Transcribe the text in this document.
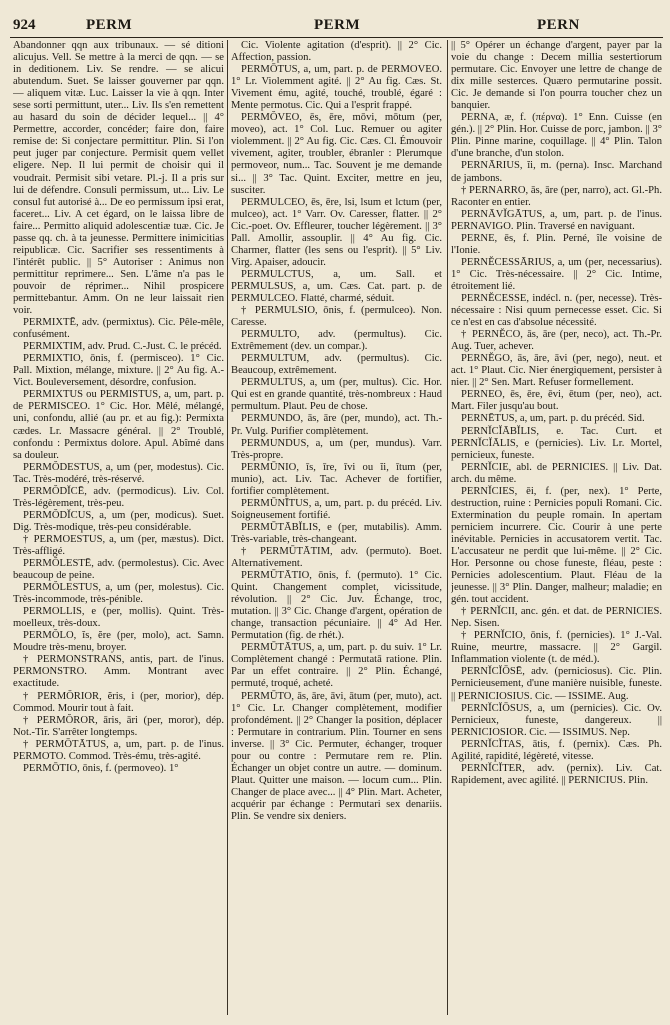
924	PERM	PERM	PERN

Abandonner qqn aux tribunaux. — sé ditioni alicujus. Vell. Se mettre à la merci de qqn. — se in deditionem. Liv. Se rendre. — se alicui abutendum. Suet. Se laisser gouverner par qqn. — aliquem vitæ. Luc. Laisser la vie à qqn. Inter sese sorti permittunt, uter... Liv. Ils s'en remettent au hasard du soin de décider lequel... || 4° Permettre, accorder, concéder; faire don, faire remise de: Si conjectare permittitur. Plin. Si l'on peut juger par conjecture. Permisit quem vellet eligere. Nep. Il lui permit de choisir qui il voudrait. Permisit sibi vetare. Pl.-j. Il a pris sur lui de défendre. Consuli permissum, ut... Liv. Le consul fut autorisé à... De eo permissum ipsi erat, faceret... Liv. A cet égard, on le laissa libre de faire... Permitto aliquid adolescentiæ tuæ. Cic. Je passe qq. ch. à ta jeunesse. Permittere inimicitias reipublicæ. Cic. Sacrifier ses ressentiments à l'intérêt public. || 5° Autoriser : Animus non permittitur reprimere... Sen. L'âme n'a pas le pouvoir de réprimer... Nihil prospicere permittebantur. Amm. On ne leur laissait rien voir.

PERMIXTĒ, adv. (permixtus). Cic. Pêle-mêle, confusément.

PERMIXTIM, adv. Prud. C.-Just. C. le précéd.

PERMIXTIO, ōnis, f. (permisceo). 1° Cic. Pall. Mixtion, mélange, mixture. || 2° Au fig. A.-Vict. Bouleversement, désordre, confusion.

PERMIXTUS ou PERMISTUS, a, um, part. p. de PERMISCEO. 1° Cic. Hor. Mêlé, mélangé, uni, confondu, allié (au pr. et au fig.): Permixta cædes. Lr. Massacre général. || 2° Troublé, confondu : Permixtus dolore. Apul. Abîmé dans sa douleur.

PERMŎDESTUS, a, um (per, modestus). Cic. Tac. Très-modéré, très-réservé.

PERMŎDĬCĒ, adv. (permodicus). Liv. Col. Très-légèrement, très-peu.

PERMŎDĬCUS, a, um (per, modicus). Suet. Dig. Très-modique, très-peu considérable.

† PERMOESTUS, a, um (per, mæstus). Dict. Très-affligé.

PERMŎLESTĒ, adv. (permolestus). Cic. Avec beaucoup de peine.

PERMŎLESTUS, a, um (per, molestus). Cic. Très-incommode, très-pénible.

PERMOLLIS, e (per, mollis). Quint. Très-moelleux, très-doux.

PERMŎLO, ĭs, ĕre (per, molo), act. Samn. Moudre très-menu, broyer.

† PERMONSTRANS, antis, part. de l'inus. PERMONSTRO. Amm. Montrant avec exactitude.

† PERMŎRIOR, ĕris, i (per, morior), dép. Commod. Mourir tout à fait.

† PERMŎROR, āris, āri (per, moror), dép. Not.-Tir. S'arrêter longtemps.

† PERMŌTĀTUS, a, um, part. p. de l'inus. PERMOTO. Commod. Très-ému, très-agité.

PERMŌTIO, ōnis, f. (permoveo). 1°

Cic. Violente agitation (d'esprit). || 2° Cic. Affection, passion.

PERMŌTUS, a, um, part. p. de PERMOVEO. 1° Lr. Violemment agité. || 2° Au fig. Cæs. St. Vivement ému, agité, touché, troublé, égaré : Mente permotus. Cic. Qui a l'esprit frappé.

PERMŎVEO, ēs, ēre, mōvi, mōtum (per, moveo), act. 1° Col. Luc. Remuer ou agiter violemment. || 2° Au fig. Cic. Cæs. Cl. Émouvoir vivement, agiter, troubler, ébranler : Plerumque permoveor, num... Tac. Souvent je me demande si... || 3° Tac. Quint. Exciter, mettre en jeu, susciter.

PERMULCEO, ēs, ēre, lsi, lsum et lctum (per, mulceo), act. 1° Varr. Ov. Caresser, flatter. || 2° Cic.-poet. Ov. Effleurer, toucher légèrement. || 3° Pall. Amollir, assouplir. || 4° Au fig. Cic. Charmer, flatter (les sens ou l'esprit). || 5° Liv. Virg. Apaiser, adoucir.

PERMULCTUS, a, um. Sall. et PERMULSUS, a, um. Cæs. Cat. part. p. de PERMULCEO. Flatté, charmé, séduit.

† PERMULSIO, ōnis, f. (permulceo). Non. Caresse.

PERMULTO, adv. (permultus). Cic. Extrêmement (dev. un compar.).

PERMULTUM, adv. (permultus). Cic. Beaucoup, extrêmement.

PERMULTUS, a, um (per, multus). Cic. Hor. Qui est en grande quantité, très-nombreux : Haud permultum. Plaut. Peu de chose.

PERMUNDO, ās, āre (per, mundo), act. Th.-Pr. Vulg. Purifier complètement.

PERMUNDUS, a, um (per, mundus). Varr. Très-propre.

PERMŪNIO, īs, īre, īvi ou ĭi, ītum (per, munio), act. Liv. Tac. Achever de fortifier, fortifier complètement.

PERMŪNĪTUS, a, um, part. p. du précéd. Liv. Soigneusement fortifié.

PERMŪTĀBĬLIS, e (per, mutabilis). Amm. Très-variable, très-changeant.

† PERMŪTĀTIM, adv. (permuto). Boet. Alternativement.

PERMŪTĀTIO, ōnis, f. (permuto). 1° Cic. Quint. Changement complet, vicissitude, révolution. || 2° Cic. Juv. Échange, troc, mutation. || 3° Cic. Change d'argent, opération de change, transaction pécuniaire. || 4° Ad Her. Permutation (fig. de rhét.).

PERMŪTĀTUS, a, um, part. p. du suiv. 1° Lr. Complètement changé : Permutatā ratione. Plin. Par un effet contraire. || 2° Plin. Échangé, permuté, troqué, acheté.

PERMŪTO, ās, āre, āvi, ātum (per, muto), act. 1° Cic. Lr. Changer complètement, modifier profondément. || 2° Changer la position, déplacer : Permutare in contrarium. Plin. Tourner en sens inverse. || 3° Cic. Permuter, échanger, troquer pour ou contre : Permutare rem re. Plin. Échanger un objet contre un autre. — dominum. Plaut. Quitter une maison. — locum cum... Plin. Changer de place avec... || 4° Plin. Mart. Acheter, acquérir par échange : Permutari sex denariis. Plin. Se vendre six deniers.

|| 5° Opérer un échange d'argent, payer par la voie du change : Decem millia sestertiorum permutare. Cic. Envoyer une lettre de change de dix mille sesterces. Quæro permutarine possit. Cic. Je demande si l'on pourra toucher chez un banquier.

PERNA, æ, f. (πέρνα). 1° Enn. Cuisse (en gén.). || 2° Plin. Hor. Cuisse de porc, jambon. || 3° Plin. Pinne marine, coquillage. || 4° Plin. Talon d'une branche, d'un stolon.

PERNĀRIUS, ĭi, m. (perna). Insc. Marchand de jambons.

† PERNARRO, ās, āre (per, narro), act. Gl.-Ph. Raconter en entier.

PERNĀVĬGĀTUS, a, um, part. p. de l'inus. PERNAVIGO. Plin. Traversé en naviguant.

PERNE, ēs, f. Plin. Perné, île voisine de l'Ionie.

PERNĔCESSĀRIUS, a, um (per, necessarius). 1° Cic. Très-nécessaire. || 2° Cic. Intime, étroitement lié.

PERNĔCESSE, indécl. n. (per, necesse). Très-nécessaire : Nisi quum pernecesse esset. Cic. Si ce n'est en cas d'absolue nécessité.

† PERNĔCO, ās, āre (per, neco), act. Th.-Pr. Aug. Tuer, achever.

PERNĔGO, ās, āre, āvi (per, nego), neut. et act. 1° Plaut. Cic. Nier énergiquement, persister à nier. || 2° Sen. Mart. Refuser formellement.

PERNEO, ēs, ēre, ēvi, ētum (per, neo), act. Mart. Filer jusqu'au bout.

PERNĒTUS, a, um, part. p. du précéd. Sid.

PERNĬCĬĀBĬLIS, e. Tac. Curt. et PERNĬCĬĀLIS, e (pernicies). Liv. Lr. Mortel, pernicieux, funeste.

PERNĬCIE, abl. de PERNICIES. || Liv. Dat. arch. du même.

PERNĬCIES, ēi, f. (per, nex). 1° Perte, destruction, ruine : Pernicies populi Romani. Cic. Extermination du peuple romain. In apertam perniciem incurrere. Cic. Courir à une perte inévitable. Pernicies in accusatorem vertit. Tac. L'accusateur ne perdit que lui-même. || 2° Cic. Hor. Personne ou chose funeste, fléau, peste : Pernicies adolescentium. Plaut. Fléau de la jeunesse. || 3° Plin. Danger, malheur; maladie; en gén. tout accident.

† PERNĬCII, anc. gén. et dat. de PERNICIES. Nep. Sisen.

† PERNĬCIO, ōnis, f. (pernicies). 1° J.-Val. Ruine, meurtre, massacre. || 2° Gargil. Inflammation violente (t. de méd.).

PERNĬCĬŌSĒ, adv. (perniciosus). Cic. Plin. Pernicieusement, d'une manière nuisible, funeste. || PERNICIOSIUS. Cic. — ISSIME. Aug.

PERNĬCĬŌSUS, a, um (pernicies). Cic. Ov. Pernicieux, funeste, dangereux. || PERNICIOSIOR. Cic. — ISSIMUS. Nep.

PERNĬCĬTAS, ātis, f. (pernix). Cæs. Ph. Agilité, rapidité, légèreté, vitesse.

PERNĬCĬTER, adv. (pernix). Liv. Cat. Rapidement, avec agilité. || PERNICIUS. Plin.
